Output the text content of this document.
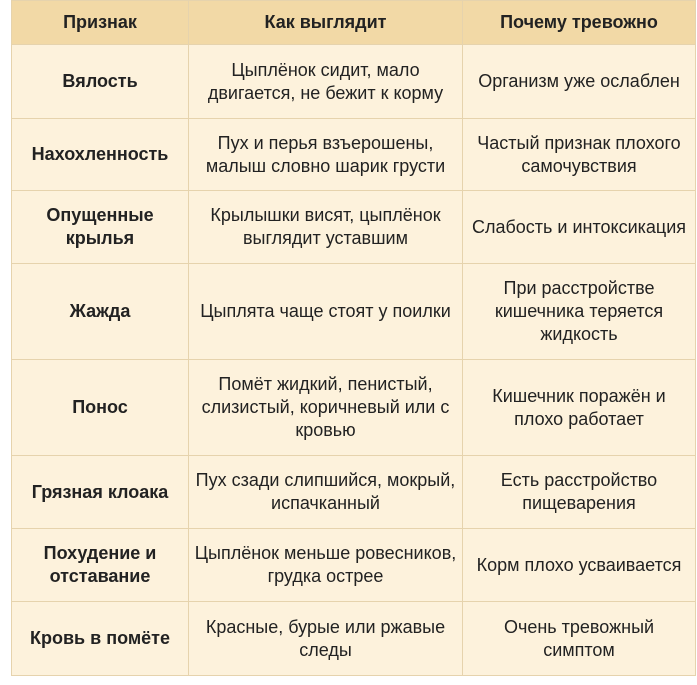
Признак	Как выглядит	Почему тревожно
Вялость	Цыплёнок сидит, мало двигается, не бежит к корму	Организм уже ослаблен
Нахохленность	Пух и перья взъерошены, малыш словно шарик грусти	Частый признак плохого самочувствия
Опущенные крылья	Крылышки висят, цыплёнок выглядит уставшим	Слабость и интоксикация
Жажда	Цыплята чаще стоят у поилки	При расстройстве кишечника теряется жидкость
Понос	Помёт жидкий, пенистый, слизистый, коричневый или с кровью	Кишечник поражён и плохо работает
Грязная клоака	Пух сзади слипшийся, мокрый, испачканный	Есть расстройство пищеварения
Похудение и отставание	Цыплёнок меньше ровесников, грудка острее	Корм плохо усваивается
Кровь в помёте	Красные, бурые или ржавые следы	Очень тревожный симптом
